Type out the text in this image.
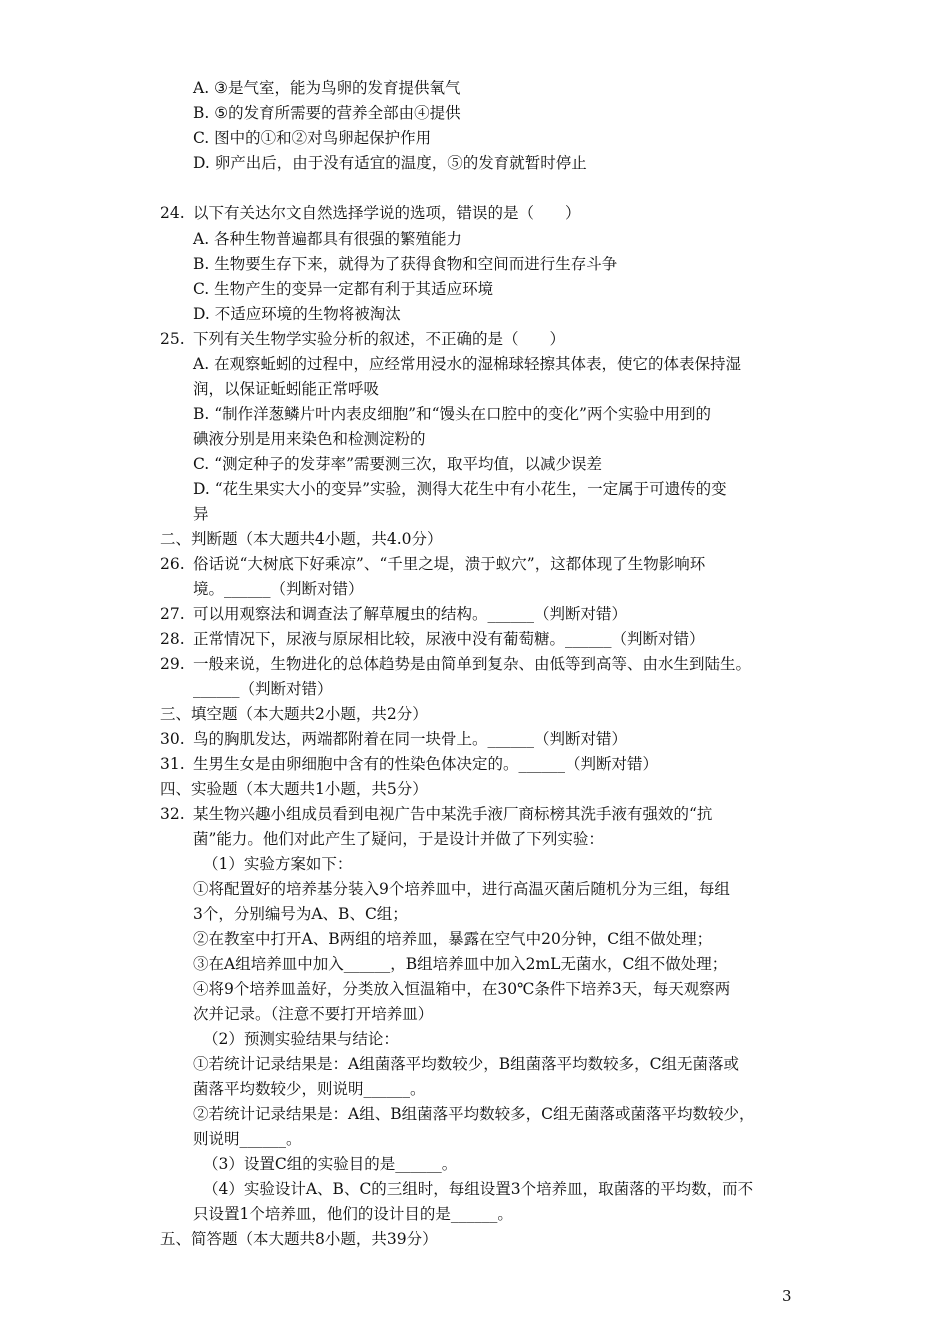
A. ③是气室，能为鸟卵的发育提供氧气
B. ⑤的发育所需要的营养全部由④提供
C. 图中的①和②对鸟卵起保护作用
D. 卵产出后，由于没有适宜的温度，⑤的发育就暂时停止
24. 以下有关达尔文自然选择学说的选项，错误的是（　　）
A. 各种生物普遍都具有很强的繁殖能力
B. 生物要生存下来，就得为了获得食物和空间而进行生存斗争
C. 生物产生的变异一定都有利于其适应环境
D. 不适应环境的生物将被淘汰
25. 下列有关生物学实验分析的叙述，不正确的是（　　）
A. 在观察蚯蚓的过程中，应经常用浸水的湿棉球轻擦其体表，使它的体表保持湿
润，以保证蚯蚓能正常呼吸
B. “制作洋葱鳞片叶内表皮细胞”和“馒头在口腔中的变化”两个实验中用到的
碘液分别是用来染色和检测淀粉的
C. “测定种子的发芽率”需要测三次，取平均值，以减少误差
D. “花生果实大小的变异”实验，测得大花生中有小花生，一定属于可遗传的变
异
二、判断题（本大题共4小题，共4.0分）
26. 俗话说“大树底下好乘凉”、“千里之堤，溃于蚁穴”，这都体现了生物影响环
境。______（判断对错）
27. 可以用观察法和调查法了解草履虫的结构。______（判断对错）
28. 正常情况下，尿液与原尿相比较，尿液中没有葡萄糖。______（判断对错）
29. 一般来说，生物进化的总体趋势是由简单到复杂、由低等到高等、由水生到陆生。
______（判断对错）
三、填空题（本大题共2小题，共2分）
30. 鸟的胸肌发达，两端都附着在同一块骨上。______（判断对错）
31. 生男生女是由卵细胞中含有的性染色体决定的。______（判断对错）
四、实验题（本大题共1小题，共5分）
32. 某生物兴趣小组成员看到电视广告中某洗手液厂商标榜其洗手液有强效的“抗
菌”能力。他们对此产生了疑问，于是设计并做了下列实验：
（1）实验方案如下：
①将配置好的培养基分装入9个培养皿中，进行高温灭菌后随机分为三组，每组
3个，分别编号为A、B、C组；
②在教室中打开A、B两组的培养皿，暴露在空气中20分钟，C组不做处理；
③在A组培养皿中加入______，B组培养皿中加入2mL无菌水，C组不做处理；
④将9个培养皿盖好，分类放入恒温箱中，在30℃条件下培养3天，每天观察两
次并记录。（注意不要打开培养皿）
（2）预测实验结果与结论：
①若统计记录结果是：A组菌落平均数较少，B组菌落平均数较多，C组无菌落或
菌落平均数较少，则说明______。
②若统计记录结果是：A组、B组菌落平均数较多，C组无菌落或菌落平均数较少，
则说明______。
（3）设置C组的实验目的是______。
（4）实验设计A、B、C的三组时，每组设置3个培养皿，取菌落的平均数，而不
只设置1个培养皿，他们的设计目的是______。
五、简答题（本大题共8小题，共39分）
3
